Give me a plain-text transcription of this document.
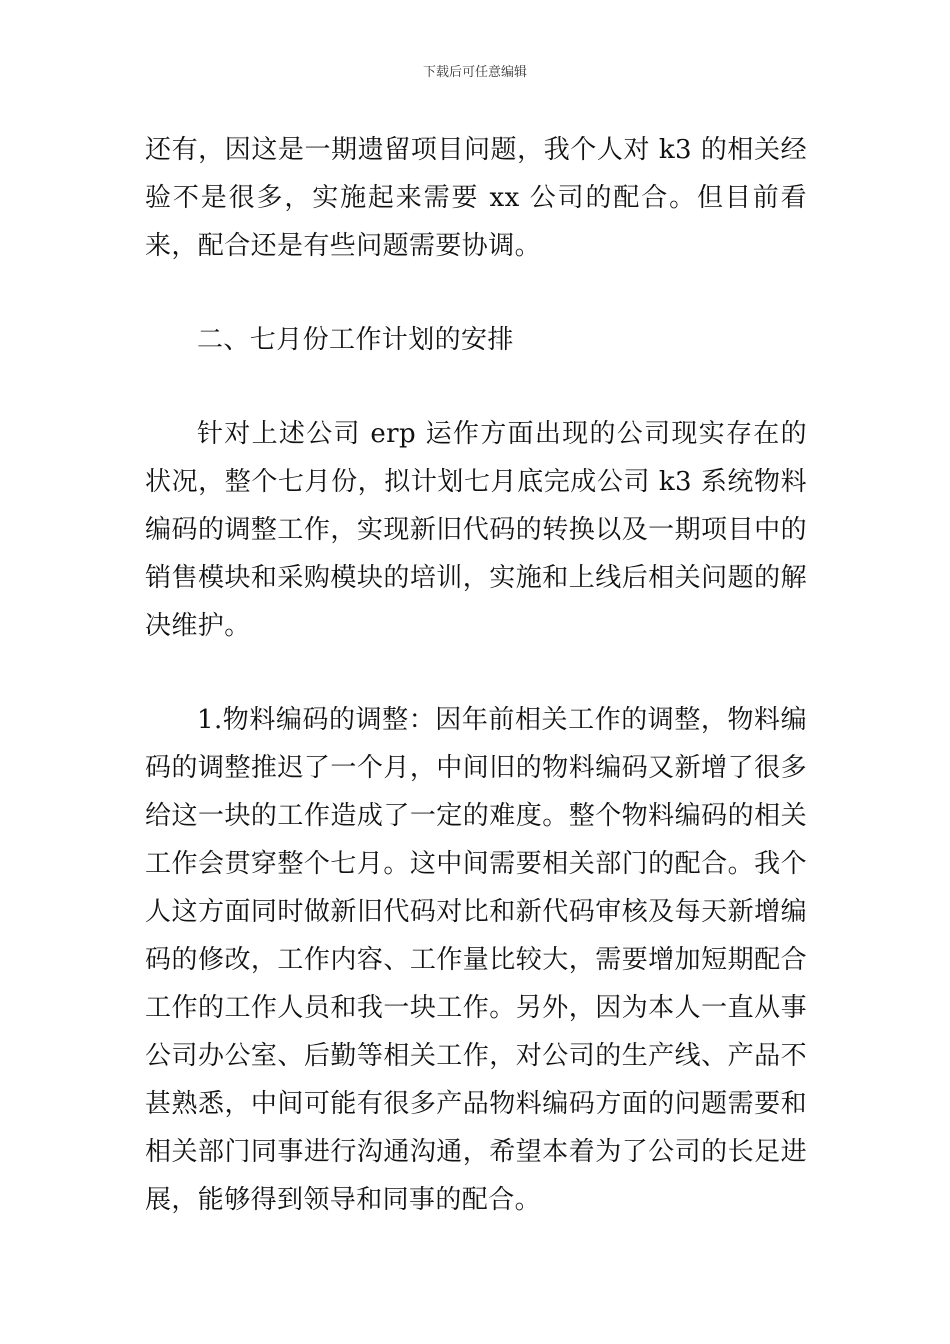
下载后可任意编辑

还有，因这是一期遗留项目问题，我个人对 k3 的相关经验不是很多，实施起来需要 xx 公司的配合。但目前看来，配合还是有些问题需要协调。

二、七月份工作计划的安排

针对上述公司 erp 运作方面出现的公司现实存在的状况，整个七月份，拟计划七月底完成公司 k3 系统物料编码的调整工作，实现新旧代码的转换以及一期项目中的销售模块和采购模块的培训，实施和上线后相关问题的解决维护。

1.物料编码的调整：因年前相关工作的调整，物料编码的调整推迟了一个月，中间旧的物料编码又新增了很多给这一块的工作造成了一定的难度。整个物料编码的相关工作会贯穿整个七月。这中间需要相关部门的配合。我个人这方面同时做新旧代码对比和新代码审核及每天新增编码的修改，工作内容、工作量比较大，需要增加短期配合工作的工作人员和我一块工作。另外，因为本人一直从事公司办公室、后勤等相关工作，对公司的生产线、产品不甚熟悉，中间可能有很多产品物料编码方面的问题需要和相关部门同事进行沟通沟通，希望本着为了公司的长足进展，能够得到领导和同事的配合。
